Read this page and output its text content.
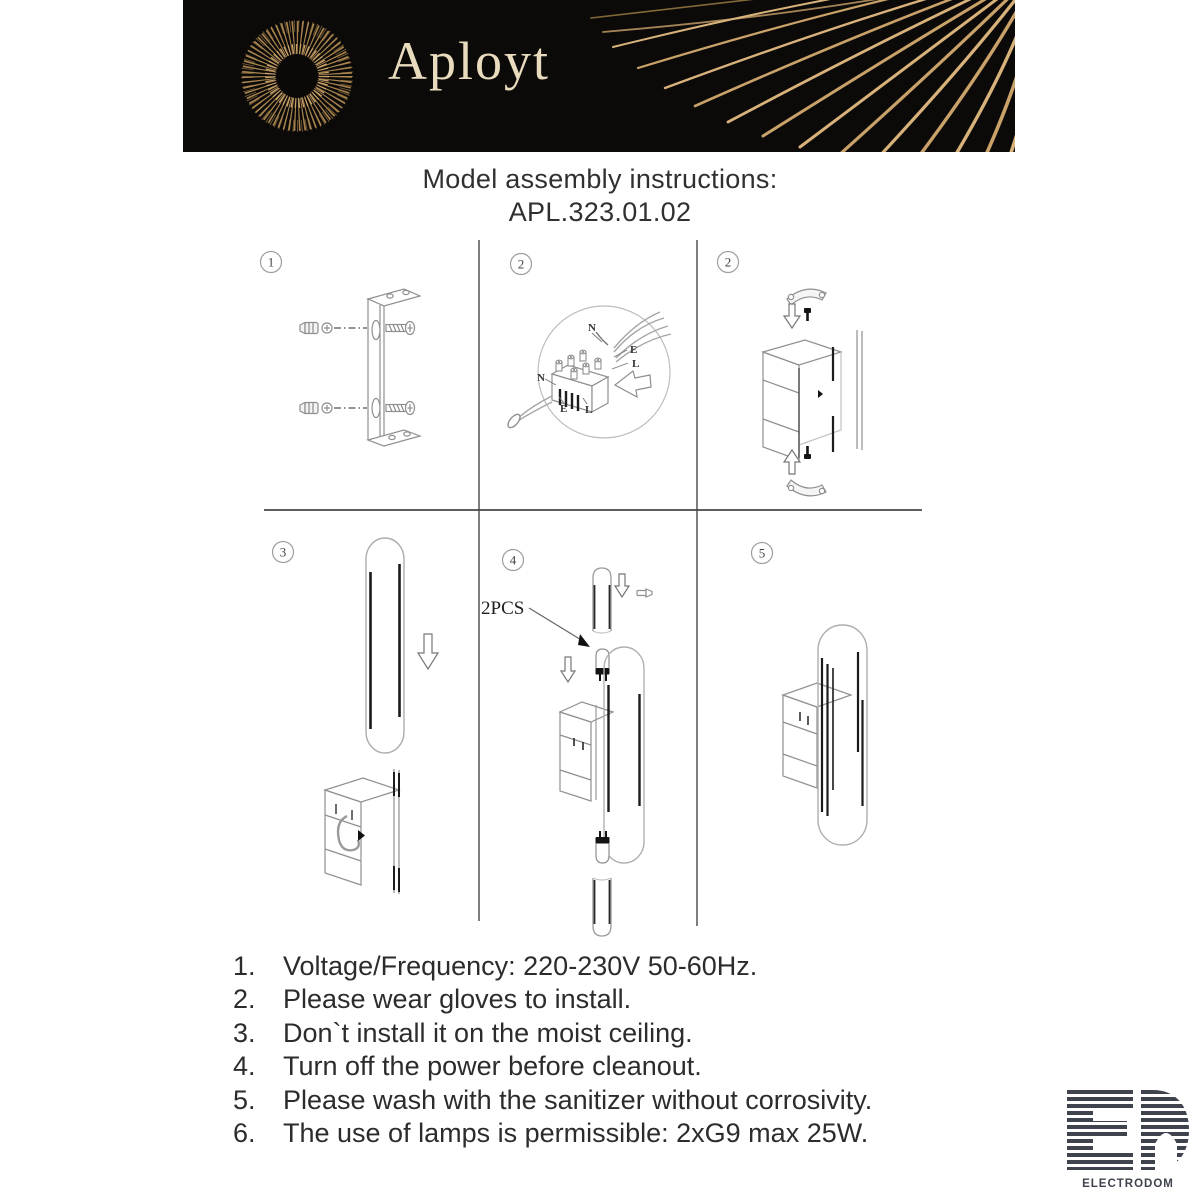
Aployt
Model assembly instructions:
APL.323.01.02
1	2
N
E
L
N
E L
2
3
4
2PCS
5
1.	Voltage/Frequency: 220-230V 50-60Hz.
2.	Please wear gloves to install.
3.	Don`t install it on the moist ceiling.
4.	Turn off the power before cleanout.
5.	Please wash with the sanitizer without corrosivity.
6.	The use of lamps is permissible: 2xG9 max 25W.
ELECTRODOM
